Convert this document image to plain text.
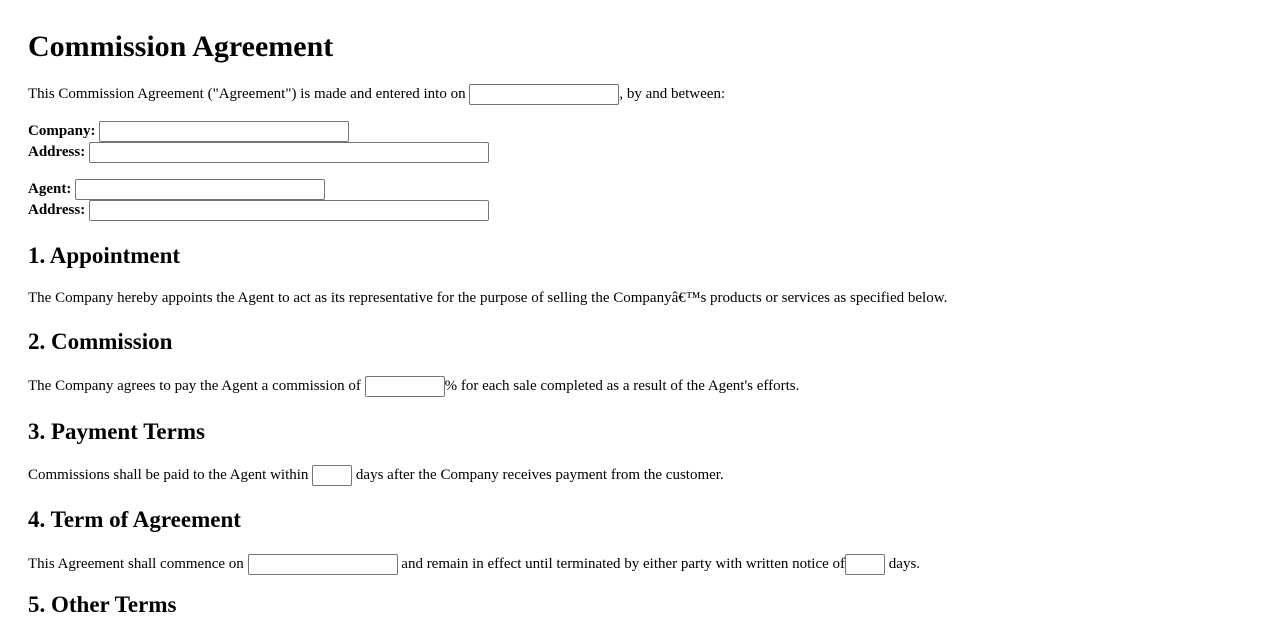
Commission Agreement

This Commission Agreement ("Agreement") is made and entered into on	, by and between:

Company:
Address:
Agent:
Address:
1. Appointment

The Company hereby appoints the Agent to act as its representative for the purpose of selling the Companyâ€™s products or services as specified below.

2. Commission

The Company agrees to pay the Agent a commission of	% for each sale completed as a result of the Agent's efforts.

3. Payment Terms

Commissions shall be paid to the Agent within	days after the Company receives payment from the customer.

4. Term of Agreement

This Agreement shall commence on	and remain in effect until terminated by either party with written notice of	days.

5. Other Terms
